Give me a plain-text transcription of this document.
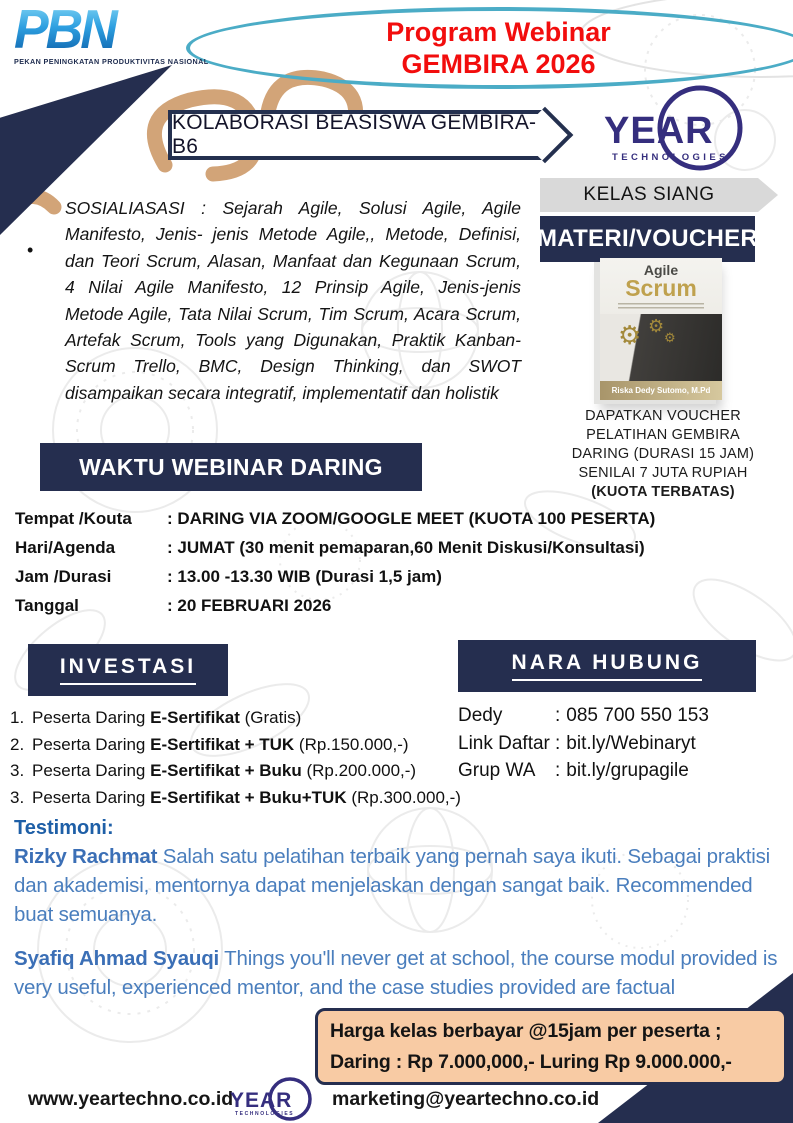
PBN
PEKAN PENINGKATAN PRODUKTIVITAS NASIONAL
Program Webinar
GEMBIRA 2026
KOLABORASI BEASISWA GEMBIRA-B6	YEAR
TECHNOLOGIES
KELAS SIANG
MATERI/VOUCHER
Agile
Scrum
⚙ ⚙
⚙
Riska Dedy Sutomo, M.Pd
DAPATKAN VOUCHER
PELATIHAN GEMBIRA
DARING (DURASI 15 JAM)
SENILAI 7 JUTA RUPIAH
(KUOTA TERBATAS)
•
SOSIALIASASI : Sejarah Agile, Solusi Agile, Agile Manifesto, Jenis- jenis Metode Agile,, Metode, Definisi, dan Teori Scrum, Alasan, Manfaat dan Kegunaan Scrum, 4 Nilai Agile Manifesto, 12 Prinsip Agile, Jenis-jenis Metode Agile, Tata Nilai Scrum, Tim Scrum, Acara Scrum, Artefak Scrum, Tools yang Digunakan, Praktik Kanban-Scrum Trello, BMC, Design Thinking, dan SWOT disampaikan secara integratif, implementatif dan holistik
WAKTU WEBINAR DARING
Tempat /Kouta	: DARING VIA ZOOM/GOOGLE MEET (KUOTA 100 PESERTA)
Hari/Agenda	: JUMAT (30 menit pemaparan,60 Menit Diskusi/Konsultasi)
Jam /Durasi	: 13.00 -13.30 WIB (Durasi 1,5 jam)
Tanggal	: 20 FEBRUARI 2026
INVESTASI
1. Peserta Daring E-Sertifikat (Gratis)
2. Peserta Daring E-Sertifikat + TUK (Rp.150.000,-)
3. Peserta Daring E-Sertifikat + Buku (Rp.200.000,-)
3. Peserta Daring E-Sertifikat + Buku+TUK (Rp.300.000,-)
NARA HUBUNG
Dedy	: 085 700 550 153
Link Daftar : bit.ly/Webinaryt
Grup WA	: bit.ly/grupagile
Testimoni:
Rizky Rachmat Salah satu pelatihan terbaik yang pernah saya ikuti. Sebagai praktisi dan akademisi, mentornya dapat menjelaskan dengan sangat baik. Recommended buat semuanya.
Syafiq Ahmad Syauqi Things you'll never get at school, the course modul provided is very useful, experienced mentor, and the case studies provided are factual
Harga kelas berbayar @15jam per peserta ;
Daring : Rp 7.000,000,- Luring Rp 9.000.000,-
www.yeartechno.co.id
YEAR
TECHNOLOGIES
marketing@yeartechno.co.id
